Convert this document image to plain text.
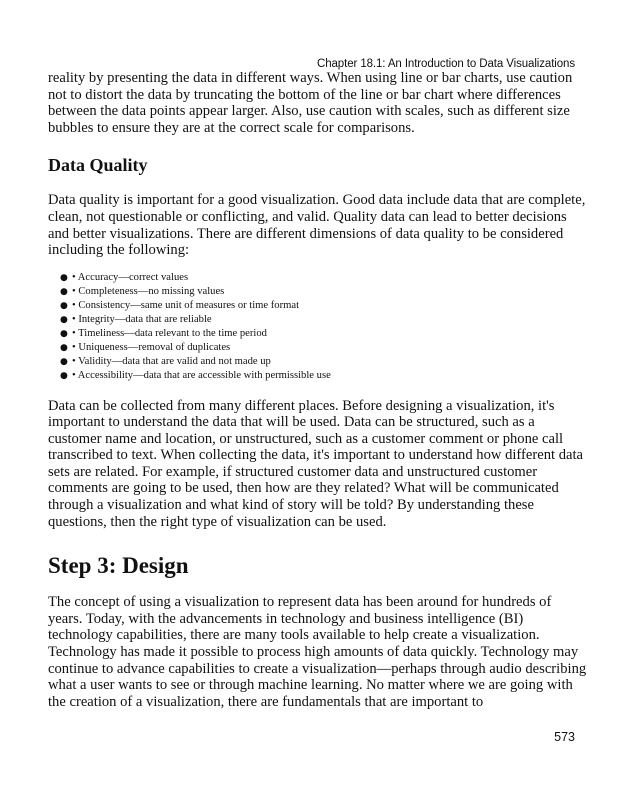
Chapter 18.1: An Introduction to Data Visualizations

reality by presenting the data in different ways. When using line or bar charts, use caution not to distort the data by truncating the bottom of the line or bar chart where differences between the data points appear larger. Also, use caution with scales, such as different size bubbles to ensure they are at the correct scale for comparisons.

Data Quality

Data quality is important for a good visualization. Good data include data that are complete, clean, not questionable or conflicting, and valid. Quality data can lead to better decisions and better visualizations. There are different dimensions of data quality to be considered including the following:

● • Accuracy—correct values
● • Completeness—no missing values
● • Consistency—same unit of measures or time format
● • Integrity—data that are reliable
● • Timeliness—data relevant to the time period
● • Uniqueness—removal of duplicates
● • Validity—data that are valid and not made up
● • Accessibility—data that are accessible with permissible use

Data can be collected from many different places. Before designing a visualization, it's important to understand the data that will be used. Data can be structured, such as a customer name and location, or unstructured, such as a customer comment or phone call transcribed to text. When collecting the data, it's important to understand how different data sets are related. For example, if structured customer data and unstructured customer comments are going to be used, then how are they related? What will be communicated through a visualization and what kind of story will be told? By understanding these questions, then the right type of visualization can be used.

Step 3: Design

The concept of using a visualization to represent data has been around for hundreds of years. Today, with the advancements in technology and business intelligence (BI) technology capabilities, there are many tools available to help create a visualization. Technology has made it possible to process high amounts of data quickly. Technology may continue to advance capabilities to create a visualization—perhaps through audio describing what a user wants to see or through machine learning. No matter where we are going with the creation of a visualization, there are fundamentals that are important to

573
